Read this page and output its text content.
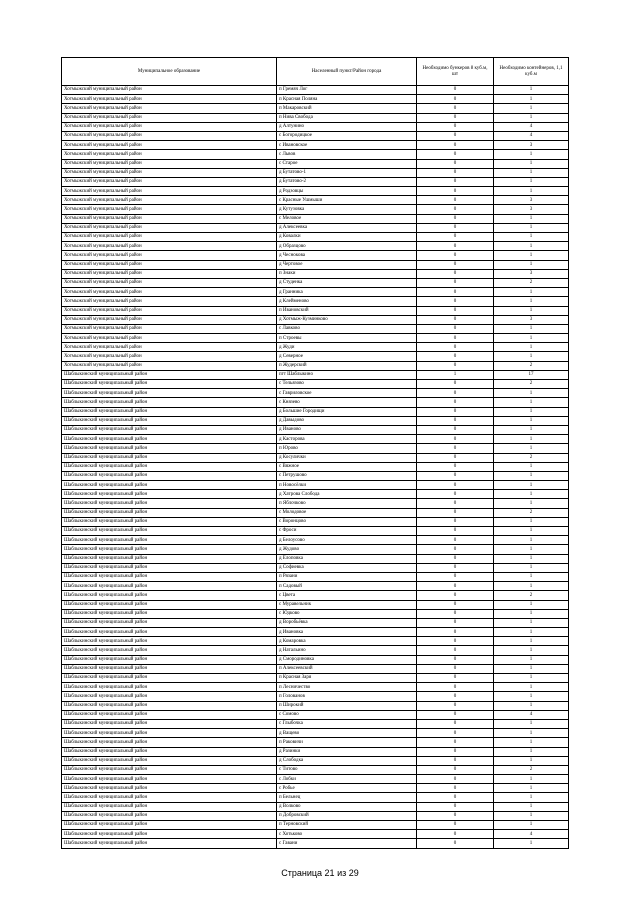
Муниципальное образование	Населенный пункт/Район города	Необходимо бункеров 8 куб.м, шт	Необходимо контейнеров, 1,1 куб.м
Хотмыжский муниципальный район	п Гремяч Лог	0	1
Хотмыжский муниципальный район	п Красная Поляна	0	1
Хотмыжский муниципальный район	п Макаровский	0	1
Хотмыжский муниципальный район	п Нива Свобода	0	1
Хотмыжский муниципальный район	д Алтунино	0	4
Хотмыжский муниципальный район	с Богородицкое	0	4
Хотмыжский муниципальный район	с Ивановское	0	3
Хотмыжский муниципальный район	с Львов	0	1
Хотмыжский муниципальный район	с Старое	0	1
Хотмыжский муниципальный район	д Бутатово-1	0	1
Хотмыжский муниципальный район	д Бутатово-2	0	1
Хотмыжский муниципальный район	д Родзовцы	0	1
Хотмыжский муниципальный район	с Красные Ушмыши	0	3
Хотмыжский муниципальный район	д Кутузовка	0	3
Хотмыжский муниципальный район	с Меловое	0	1
Хотмыжский муниципальный район	д Алексеевка	0	1
Хотмыжский муниципальный район	д Ковалки	0	1
Хотмыжский муниципальный район	д Образцово	0	1
Хотмыжский муниципальный район	д Чеснокова	0	1
Хотмыжский муниципальный район	д Чертовое	0	1
Хотмыжский муниципальный район	п Знаки	0	3
Хотмыжский муниципальный район	д Студенка	0	2
Хотмыжский муниципальный район	д Гранника	0	1
Хотмыжский муниципальный район	д Клейменово	0	1
Хотмыжский муниципальный район	п Ивановский	0	1
Хотмыжский муниципальный район	д Хотмыж-Кузминково	0	3
Хотмыжский муниципальный район	с Лавково	0	1
Хотмыжский муниципальный район	п Строевы	0	1
Хотмыжский муниципальный район	д Жуди	0	1
Хотмыжский муниципальный район	д Северное	0	1
Хотмыжский муниципальный район	п Жудерский	0	2
Шаблыкинский муниципальный район	пгт Шаблыкино	1	17
Шаблыкинский муниципальный район	с Тельязово	0	2
Шаблыкинский муниципальный район	с Гавриловское	0	1
Шаблыкинский муниципальный район	с Князево	0	1
Шаблыкинский муниципальный район	д Большие Городищи	0	1
Шаблыкинский муниципальный район	д Давыдово	0	1
Шаблыкинский муниципальный район	д Иваново	0	1
Шаблыкинский муниципальный район	д Касторова	0	1
Шаблыкинский муниципальный район	п Юрово	0	1
Шаблыкинский муниципальный район	д Косулички	0	2
Шаблыкинский муниципальный район	с Вяжное	0	1
Шаблыкинский муниципальный район	с Петрушово	0	1
Шаблыкинский муниципальный район	п Новосёлки	0	1
Шаблыкинский муниципальный район	д Хатрова Слобода	0	1
Шаблыкинский муниципальный район	п Яблочково	0	1
Шаблыкинский муниципальный район	с Молодовое	0	2
Шаблыкинский муниципальный район	с Воронцово	0	1
Шаблыкинский муниципальный район	с Фроси	0	1
Шаблыкинский муниципальный район	д Белоусово	0	1
Шаблыкинский муниципальный район	д Жудово	0	1
Шаблыкинский муниципальный район	д Елоповка	0	1
Шаблыкинский муниципальный район	д Софиевка	0	1
Шаблыкинский муниципальный район	п Рязани	0	1
Шаблыкинский муниципальный район	п Садовый	0	1
Шаблыкинский муниципальный район	с Цвета	0	2
Шаблыкинский муниципальный район	с Муравельник	0	1
Шаблыкинский муниципальный район	с Юдково	0	1
Шаблыкинский муниципальный район	д Воробьёвка	0	1
Шаблыкинский муниципальный район	д Ивановка	0	1
Шаблыкинский муниципальный район	д Комаровка	0	1
Шаблыкинский муниципальный район	д Натальино	0	1
Шаблыкинский муниципальный район	д Смородиновка	0	1
Шаблыкинский муниципальный район	п Алексеевский	0	1
Шаблыкинский муниципальный район	п Красная Заря	0	1
Шаблыкинский муниципальный район	п Лесничество	0	1
Шаблыкинский муниципальный район	п Голованов	0	1
Шаблыкинский муниципальный район	п Широкий	0	1
Шаблыкинский муниципальный район	с Сомово	0	4
Шаблыкинский муниципальный район	с Глыбочка	0	1
Шаблыкинский муниципальный район	д Ващево	0	1
Шаблыкинский муниципальный район	п Раковичи	0	1
Шаблыкинский муниципальный район	д Разинки	0	1
Шаблыкинский муниципальный район	д Слободка	0	1
Шаблыкинский муниципальный район	с Титово	0	2
Шаблыкинский муниципальный район	с Лобки	0	1
Шаблыкинский муниципальный район	с Робье	0	1
Шаблыкинский муниципальный район	п Бельнец	0	1
Шаблыкинский муниципальный район	д Волково	0	1
Шаблыкинский муниципальный район	п Добровский	0	1
Шаблыкинский муниципальный район	п Терновский	0	1
Шаблыкинский муниципальный район	с Хотьково	0	4
Шаблыкинский муниципальный район	с Гавани	0	1
Страница 21 из 29
